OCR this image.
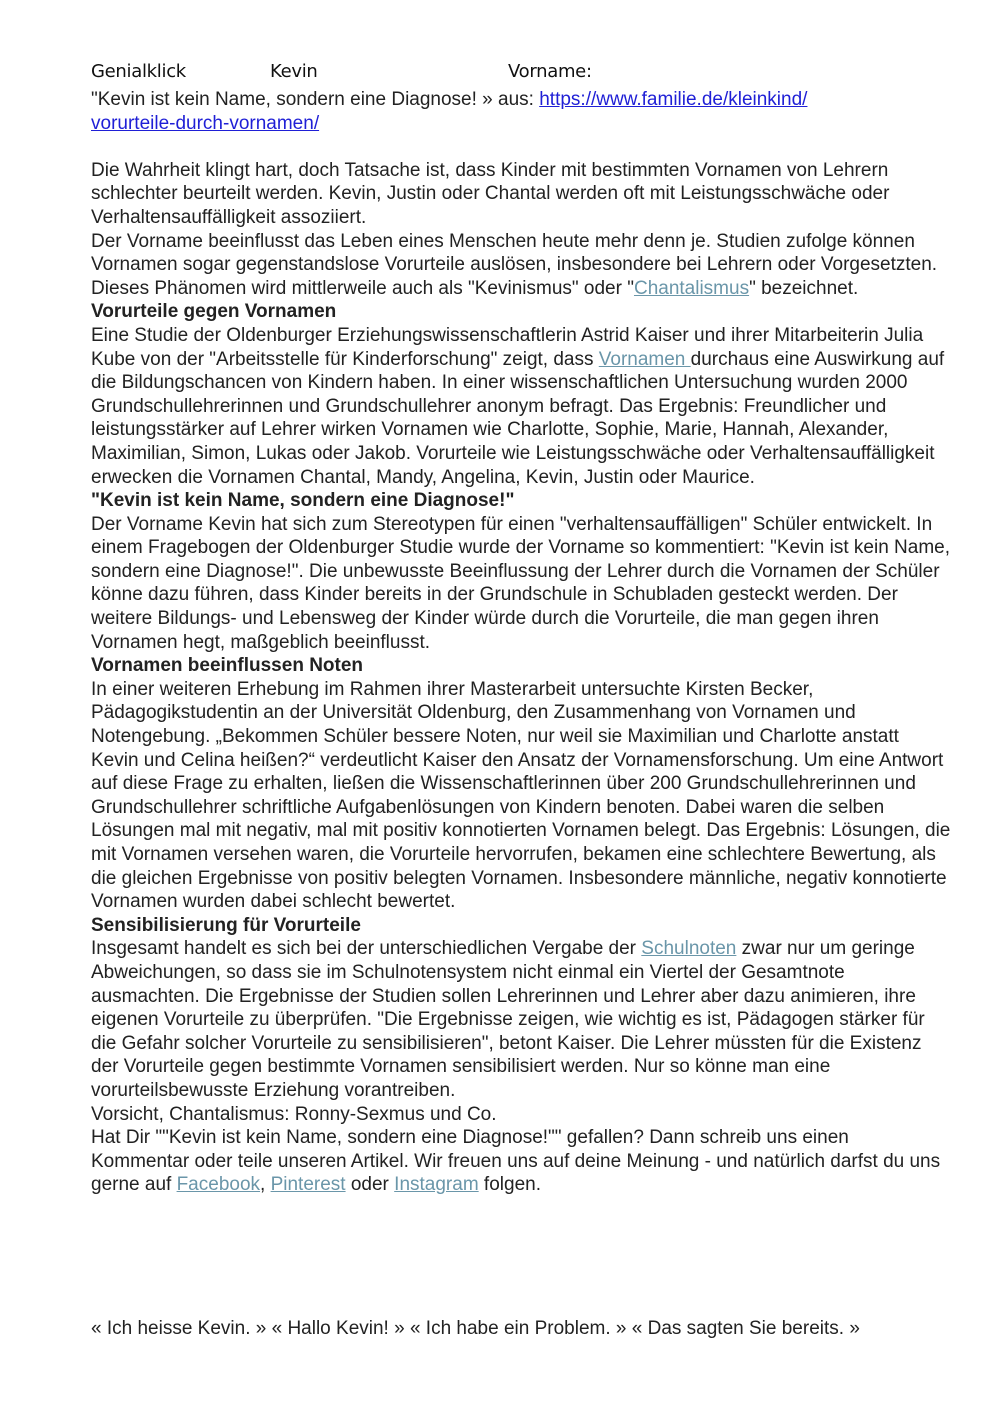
Genialklick	Kevin	Vorname:

"Kevin ist kein Name, sondern eine Diagnose! » aus: https://www.familie.de/kleinkind/
vorurteile-durch-vornamen/

Die Wahrheit klingt hart, doch Tatsache ist, dass Kinder mit bestimmten Vornamen von Lehrern schlechter beurteilt werden. Kevin, Justin oder Chantal werden oft mit Leistungsschwäche oder Verhaltensauffälligkeit assoziiert.

Der Vorname beeinflusst das Leben eines Menschen heute mehr denn je. Studien zufolge können Vornamen sogar gegenstandslose Vorurteile auslösen, insbesondere bei Lehrern oder Vorgesetzten. Dieses Phänomen wird mittlerweile auch als "Kevinismus" oder "Chantalismus" bezeichnet.

Vorurteile gegen Vornamen

Eine Studie der Oldenburger Erziehungswissenschaftlerin Astrid Kaiser und ihrer Mitarbeiterin Julia Kube von der "Arbeitsstelle für Kinderforschung" zeigt, dass Vornamen durchaus eine Auswirkung auf die Bildungschancen von Kindern haben. In einer wissenschaftlichen Untersuchung wurden 2000 Grundschullehrerinnen und Grundschullehrer anonym befragt. Das Ergebnis: Freundlicher und leistungsstärker auf Lehrer wirken Vornamen wie Charlotte, Sophie, Marie, Hannah, Alexander, Maximilian, Simon, Lukas oder Jakob. Vorurteile wie Leistungsschwäche oder Verhaltensauffälligkeit erwecken die Vornamen Chantal, Mandy, Angelina, Kevin, Justin oder Maurice.

"Kevin ist kein Name, sondern eine Diagnose!"

Der Vorname Kevin hat sich zum Stereotypen für einen "verhaltensauffälligen" Schüler entwickelt. In einem Fragebogen der Oldenburger Studie wurde der Vorname so kommentiert: "Kevin ist kein Name, sondern eine Diagnose!". Die unbewusste Beeinflussung der Lehrer durch die Vornamen der Schüler könne dazu führen, dass Kinder bereits in der Grundschule in Schubladen gesteckt werden. Der weitere Bildungs- und Lebensweg der Kinder würde durch die Vorurteile, die man gegen ihren Vornamen hegt, maßgeblich beeinflusst.

Vornamen beeinflussen Noten

In einer weiteren Erhebung im Rahmen ihrer Masterarbeit untersuchte Kirsten Becker, Pädagogikstudentin an der Universität Oldenburg, den Zusammenhang von Vornamen und Notengebung. „Bekommen Schüler bessere Noten, nur weil sie Maximilian und Charlotte anstatt Kevin und Celina heißen?“ verdeutlicht Kaiser den Ansatz der Vornamensforschung. Um eine Antwort auf diese Frage zu erhalten, ließen die Wissenschaftlerinnen über 200 Grundschullehrerinnen und Grundschullehrer schriftliche Aufgabenlösungen von Kindern benoten. Dabei waren die selben Lösungen mal mit negativ, mal mit positiv konnotierten Vornamen belegt. Das Ergebnis: Lösungen, die mit Vornamen versehen waren, die Vorurteile hervorrufen, bekamen eine schlechtere Bewertung, als die gleichen Ergebnisse von positiv belegten Vornamen. Insbesondere männliche, negativ konnotierte Vornamen wurden dabei schlecht bewertet.

Sensibilisierung für Vorurteile

Insgesamt handelt es sich bei der unterschiedlichen Vergabe der Schulnoten zwar nur um geringe Abweichungen, so dass sie im Schulnotensystem nicht einmal ein Viertel der Gesamtnote ausmachten. Die Ergebnisse der Studien sollen Lehrerinnen und Lehrer aber dazu animieren, ihre eigenen Vorurteile zu überprüfen. "Die Ergebnisse zeigen, wie wichtig es ist, Pädagogen stärker für die Gefahr solcher Vorurteile zu sensibilisieren", betont Kaiser. Die Lehrer müssten für die Existenz der Vorurteile gegen bestimmte Vornamen sensibilisiert werden. Nur so könne man eine vorurteilsbewusste Erziehung vorantreiben.

Vorsicht, Chantalismus: Ronny-Sexmus und Co.

Hat Dir ""Kevin ist kein Name, sondern eine Diagnose!"" gefallen? Dann schreib uns einen Kommentar oder teile unseren Artikel. Wir freuen uns auf deine Meinung - und natürlich darfst du uns gerne auf Facebook, Pinterest oder Instagram folgen.

« Ich heisse Kevin. » « Hallo Kevin! » « Ich habe ein Problem. » « Das sagten Sie bereits. »
